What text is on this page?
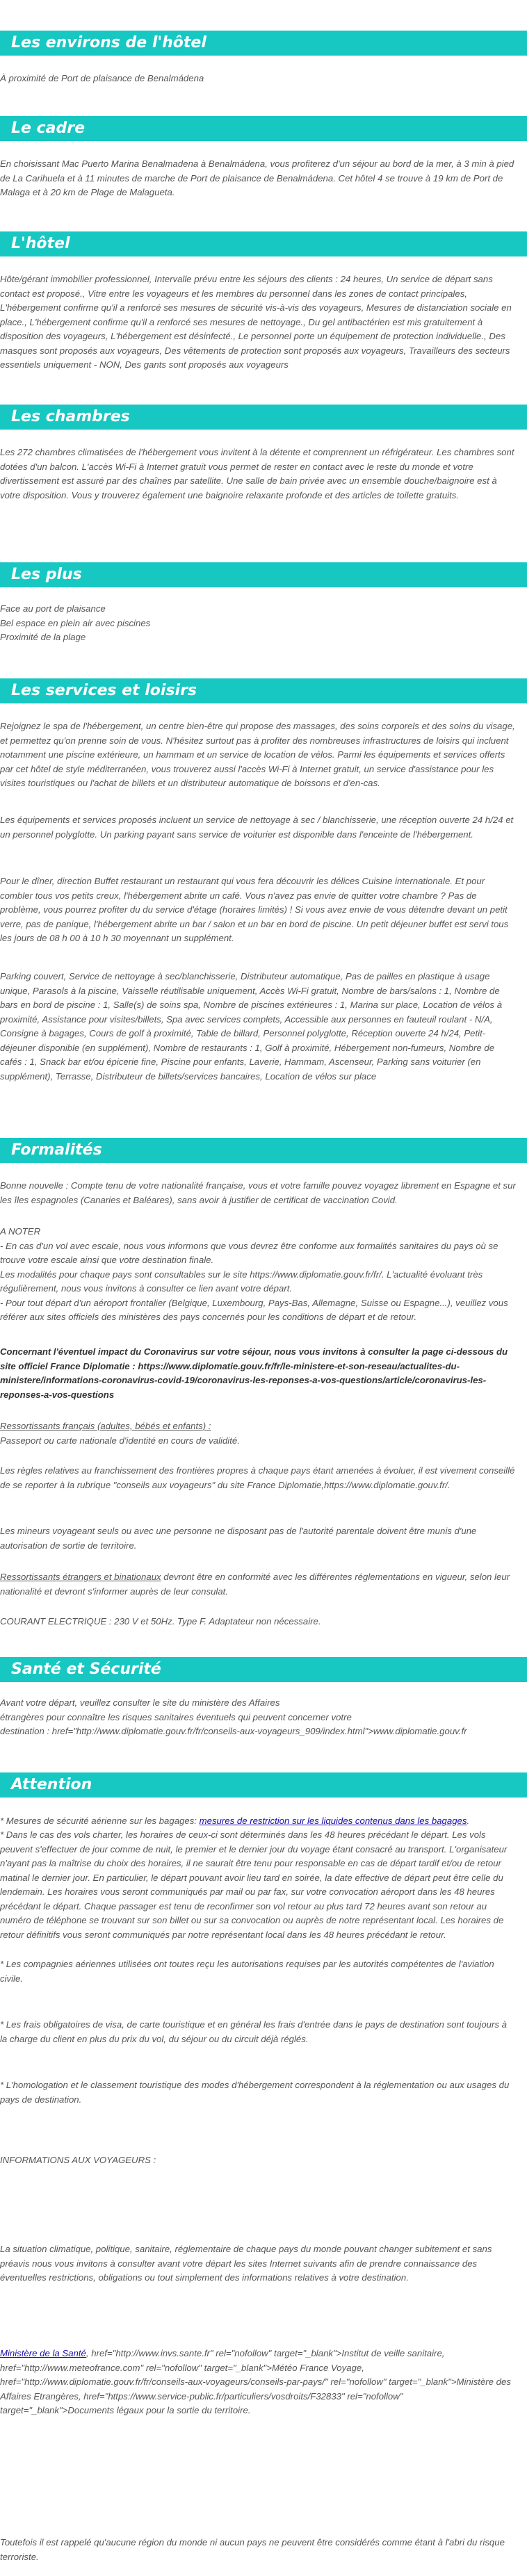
Les environs de l'hôtel
À proximité de Port de plaisance de Benalmádena
Le cadre
En choisissant Mac Puerto Marina Benalmadena à Benalmádena, vous profiterez d'un séjour au bord de la mer, à 3 min à pied de La Carihuela et à 11 minutes de marche de Port de plaisance de Benalmádena. Cet hôtel 4 se trouve à 19 km de Port de Malaga et à 20 km de Plage de Malagueta.
L'hôtel
Hôte/gérant immobilier professionnel, Intervalle prévu entre les séjours des clients : 24 heures, Un service de départ sans contact est proposé., Vitre entre les voyageurs et les membres du personnel dans les zones de contact principales, L'hébergement confirme qu'il a renforcé ses mesures de sécurité vis-à-vis des voyageurs, Mesures de distanciation sociale en place., L'hébergement confirme qu'il a renforcé ses mesures de nettoyage., Du gel antibactérien est mis gratuitement à disposition des voyageurs, L'hébergement est désinfecté., Le personnel porte un équipement de protection individuelle., Des masques sont proposés aux voyageurs, Des vêtements de protection sont proposés aux voyageurs, Travailleurs des secteurs essentiels uniquement - NON, Des gants sont proposés aux voyageurs
Les chambres
Les 272 chambres climatisées de l'hébergement vous invitent à la détente et comprennent un réfrigérateur. Les chambres sont dotées d'un balcon. L'accès Wi-Fi à Internet gratuit vous permet de rester en contact avec le reste du monde et votre divertissement est assuré par des chaînes par satellite. Une salle de bain privée avec un ensemble douche/baignoire est à votre disposition. Vous y trouverez également une baignoire relaxante profonde et des articles de toilette gratuits.
Les plus

Face au port de plaisance

Bel espace en plein air avec piscines

Proximité de la plage

Les services et loisirs
Rejoignez le spa de l'hébergement, un centre bien-être qui propose des massages, des soins corporels et des soins du visage, et permettez qu'on prenne soin de vous. N'hésitez surtout pas à profiter des nombreuses infrastructures de loisirs qui incluent notamment une piscine extérieure, un hammam et un service de location de vélos. Parmi les équipements et services offerts par cet hôtel de style méditerranéen, vous trouverez aussi l'accès Wi-Fi à Internet gratuit, un service d'assistance pour les visites touristiques ou l'achat de billets et un distributeur automatique de boissons et d'en-cas.
Les équipements et services proposés incluent un service de nettoyage à sec / blanchisserie, une réception ouverte 24 h/24 et un personnel polyglotte. Un parking payant sans service de voiturier est disponible dans l'enceinte de l'hébergement.
Pour le dîner, direction Buffet restaurant un restaurant qui vous fera découvrir les délices Cuisine internationale. Et pour combler tous vos petits creux, l'hébergement abrite un café. Vous n'avez pas envie de quitter votre chambre ? Pas de problème, vous pourrez profiter du du service d'étage (horaires limités) ! Si vous avez envie de vous détendre devant un petit verre, pas de panique, l'hébergement abrite un bar / salon et un bar en bord de piscine. Un petit déjeuner buffet est servi tous les jours de 08 h 00 à 10 h 30 moyennant un supplément.
Parking couvert, Service de nettoyage à sec/blanchisserie, Distributeur automatique, Pas de pailles en plastique à usage unique, Parasols à la piscine, Vaisselle réutilisable uniquement, Accès Wi-Fi gratuit, Nombre de bars/salons : 1, Nombre de bars en bord de piscine : 1, Salle(s) de soins spa, Nombre de piscines extérieures : 1, Marina sur place, Location de vélos à proximité, Assistance pour visites/billets, Spa avec services complets, Accessible aux personnes en fauteuil roulant - N/A, Consigne à bagages, Cours de golf à proximité, Table de billard, Personnel polyglotte, Réception ouverte 24 h/24, Petit-déjeuner disponible (en supplément), Nombre de restaurants : 1, Golf à proximité, Hébergement non-fumeurs, Nombre de cafés : 1, Snack bar et/ou épicerie fine, Piscine pour enfants, Laverie, Hammam, Ascenseur, Parking sans voiturier (en supplément), Terrasse, Distributeur de billets/services bancaires, Location de vélos sur place
Formalités
Bonne nouvelle : Compte tenu de votre nationalité française, vous et votre famille pouvez voyagez librement en Espagne et sur les îles espagnoles (Canaries et Baléares), sans avoir à justifier de certificat de vaccination Covid.

A NOTER

- En cas d'un vol avec escale, nous vous informons que vous devrez être conforme aux formalités sanitaires du pays où se trouve votre escale ainsi que votre destination finale.

Les modalités pour chaque pays sont consultables sur le site https://www.diplomatie.gouv.fr/fr/. L'actualité évoluant très régulièrement, nous vous invitons à consulter ce lien avant votre départ.

- Pour tout départ d'un aéroport frontalier (Belgique, Luxembourg, Pays-Bas, Allemagne, Suisse ou Espagne...), veuillez vous référer aux sites officiels des ministères des pays concernés pour les conditions de départ et de retour.

Concernant l'éventuel impact du Coronavirus sur votre séjour, nous vous invitons à consulter la page ci-dessous du site officiel France Diplomatie : https://www.diplomatie.gouv.fr/fr/le-ministere-et-son-reseau/actualites-du-ministere/informations-coronavirus-covid-19/coronavirus-les-reponses-a-vos-questions/article/coronavirus-les-reponses-a-vos-questions

Ressortissants français (adultes, bébés et enfants) :

Passeport ou carte nationale d'identité en cours de validité.

Les règles relatives au franchissement des frontières propres à chaque pays étant amenées à évoluer, il est vivement conseillé de se reporter à la rubrique "conseils aux voyageurs" du site France Diplomatie,https://www.diplomatie.gouv.fr/.
Les mineurs voyageant seuls ou avec une personne ne disposant pas de l'autorité parentale doivent être munis d'une autorisation de sortie de territoire.
Ressortissants étrangers et binationaux devront être en conformité avec les différentes réglementations en vigueur, selon leur nationalité et devront s'informer auprès de leur consulat.
COURANT ELECTRIQUE : 230 V et 50Hz. Type F. Adaptateur non nécessaire.
Santé et Sécurité

Avant votre départ, veuillez consulter le site du ministère des Affaires

étrangères pour connaître les risques sanitaires éventuels qui peuvent concerner votre

destination : href="http://www.diplomatie.gouv.fr/fr/conseils-aux-voyageurs_909/index.html">www.diplomatie.gouv.fr

Attention
* Mesures de sécurité aérienne sur les bagages: mesures de restriction sur les liquides contenus dans les bagages.
* Dans le cas des vols charter, les horaires de ceux-ci sont déterminés dans les 48 heures précédant le départ. Les vols peuvent s'effectuer de jour comme de nuit, le premier et le dernier jour du voyage étant consacré au transport. L'organisateur n'ayant pas la maîtrise du choix des horaires, il ne saurait être tenu pour responsable en cas de départ tardif et/ou de retour matinal le dernier jour. En particulier, le départ pouvant avoir lieu tard en soirée, la date effective de départ peut être celle du lendemain. Les horaires vous seront communiqués par mail ou par fax, sur votre convocation aéroport dans les 48 heures précédant le départ. Chaque passager est tenu de reconfirmer son vol retour au plus tard 72 heures avant son retour au numéro de téléphone se trouvant sur son billet ou sur sa convocation ou auprès de notre représentant local. Les horaires de retour définitifs vous seront communiqués par notre représentant local dans les 48 heures précédant le retour.
* Les compagnies aériennes utilisées ont toutes reçu les autorisations requises par les autorités compétentes de l'aviation civile.
* Les frais obligatoires de visa, de carte touristique et en général les frais d'entrée dans le pays de destination sont toujours à la charge du client en plus du prix du vol, du séjour ou du circuit déjà réglés.
* L'homologation et le classement touristique des modes d'hébergement correspondent à la réglementation ou aux usages du pays de destination.
INFORMATIONS AUX VOYAGEURS :
La situation climatique, politique, sanitaire, réglementaire de chaque pays du monde pouvant changer subitement et sans préavis nous vous invitons à consulter avant votre départ les sites Internet suivants afin de prendre connaissance des éventuelles restrictions, obligations ou tout simplement des informations relatives à votre destination.
Ministère de la Santé, href="http://www.invs.sante.fr" rel="nofollow" target="_blank">Institut de veille sanitaire, href="http://www.meteofrance.com" rel="nofollow" target="_blank">Météo France Voyage, href="http://www.diplomatie.gouv.fr/fr/conseils-aux-voyageurs/conseils-par-pays/" rel="nofollow" target="_blank">Ministère des Affaires Etrangères, href="https://www.service-public.fr/particuliers/vosdroits/F32833" rel="nofollow" target="_blank">Documents légaux pour la sortie du territoire.
Toutefois il est rappelé qu'aucune région du monde ni aucun pays ne peuvent être considérés comme étant à l'abri du risque terroriste.
